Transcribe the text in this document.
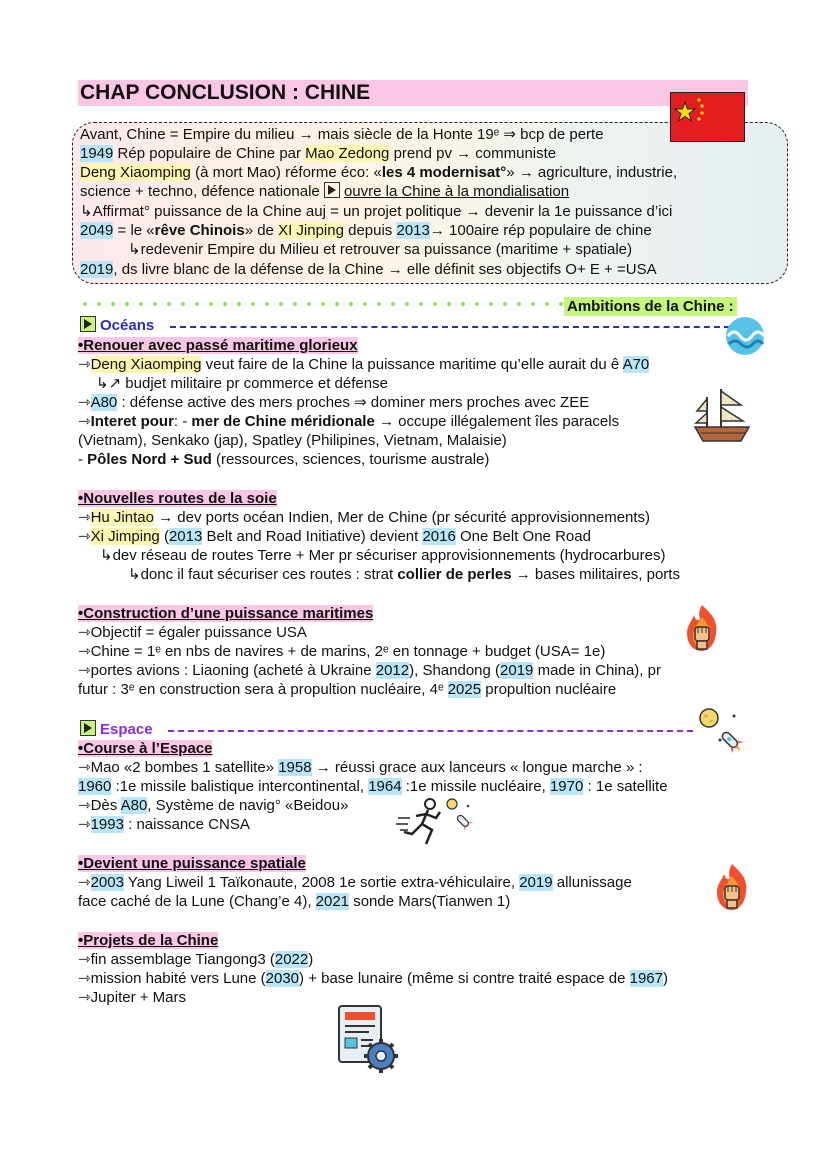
CHAP CONCLUSION : CHINE
Avant, Chine = Empire du milieu → mais siècle de la Honte 19ᵉ ⇒ bcp de perte
1949 Rép populaire de Chine par Mao Zedong prend pv → communiste
Deng Xiaomping (à mort Mao) réforme éco: «les 4 modernisat°» → agriculture, industrie,
science + techno, défence nationale ouvre la Chine à la mondialisation
↳Affirmat° puissance de la Chine auj = un projet politique → devenir la 1e puissance d’ici
2049 = le «rêve Chinois» de XI Jinping depuis 2013→ 100aire rép populaire de chine
↳redevenir Empire du Milieu et retrouver sa puissance (maritime + spatiale)
2019, ds livre blanc de la défense de la Chine → elle définit ses objectifs O+ E + =USA
Ambitions de la Chine :
Océans
•Renouer avec passé maritime glorieux
⇾Deng Xiaomping veut faire de la Chine la puissance maritime qu’elle aurait du ê A70
↳↗ budjet militaire pr commerce et défense
⇾A80 : défense active des mers proches ⇒ dominer mers proches avec ZEE
⇾Interet pour: - mer de Chine méridionale → occupe illégalement îles paracels
(Vietnam), Senkako (jap), Spatley (Philipines, Vietnam, Malaisie)
- Pôles Nord + Sud (ressources, sciences, tourisme australe)
•Nouvelles routes de la soie
⇾Hu Jintao → dev ports océan Indien, Mer de Chine (pr sécurité approvisionnements)
⇾Xi Jimping (2013 Belt and Road Initiative) devient 2016 One Belt One Road
↳dev réseau de routes Terre + Mer pr sécuriser approvisionnements (hydrocarbures)
↳donc il faut sécuriser ces routes : strat collier de perles → bases militaires, ports
•Construction d’une puissance maritimes
⇾Objectif = égaler puissance USA
⇾Chine = 1ᵉ en nbs de navires + de marins, 2ᵉ en tonnage + budget (USA= 1e)
⇾portes avions : Liaoning (acheté à Ukraine 2012), Shandong (2019 made in China), pr
futur : 3ᵉ en construction sera à propultion nucléaire, 4ᵉ 2025 propultion nucléaire
Espace
•Course à l’Espace
⇾Mao «2 bombes 1 satellite» 1958 → réussi grace aux lanceurs « longue marche » :
1960 :1e missile balistique intercontinental, 1964 :1e missile nucléaire, 1970 : 1e satellite
⇾Dès A80, Système de navig° «Beidou»
⇾1993 : naissance CNSA
•Devient une puissance spatiale
⇾2003 Yang Liweil 1 Taïkonaute, 2008 1e sortie extra-véhiculaire, 2019 allunissage
face caché de la Lune (Chang’e 4), 2021 sonde Mars(Tianwen 1)
•Projets de la Chine
⇾fin assemblage Tiangong3 (2022)
⇾mission habité vers Lune (2030) + base lunaire (même si contre traité espace de 1967)
⇾Jupiter + Mars
